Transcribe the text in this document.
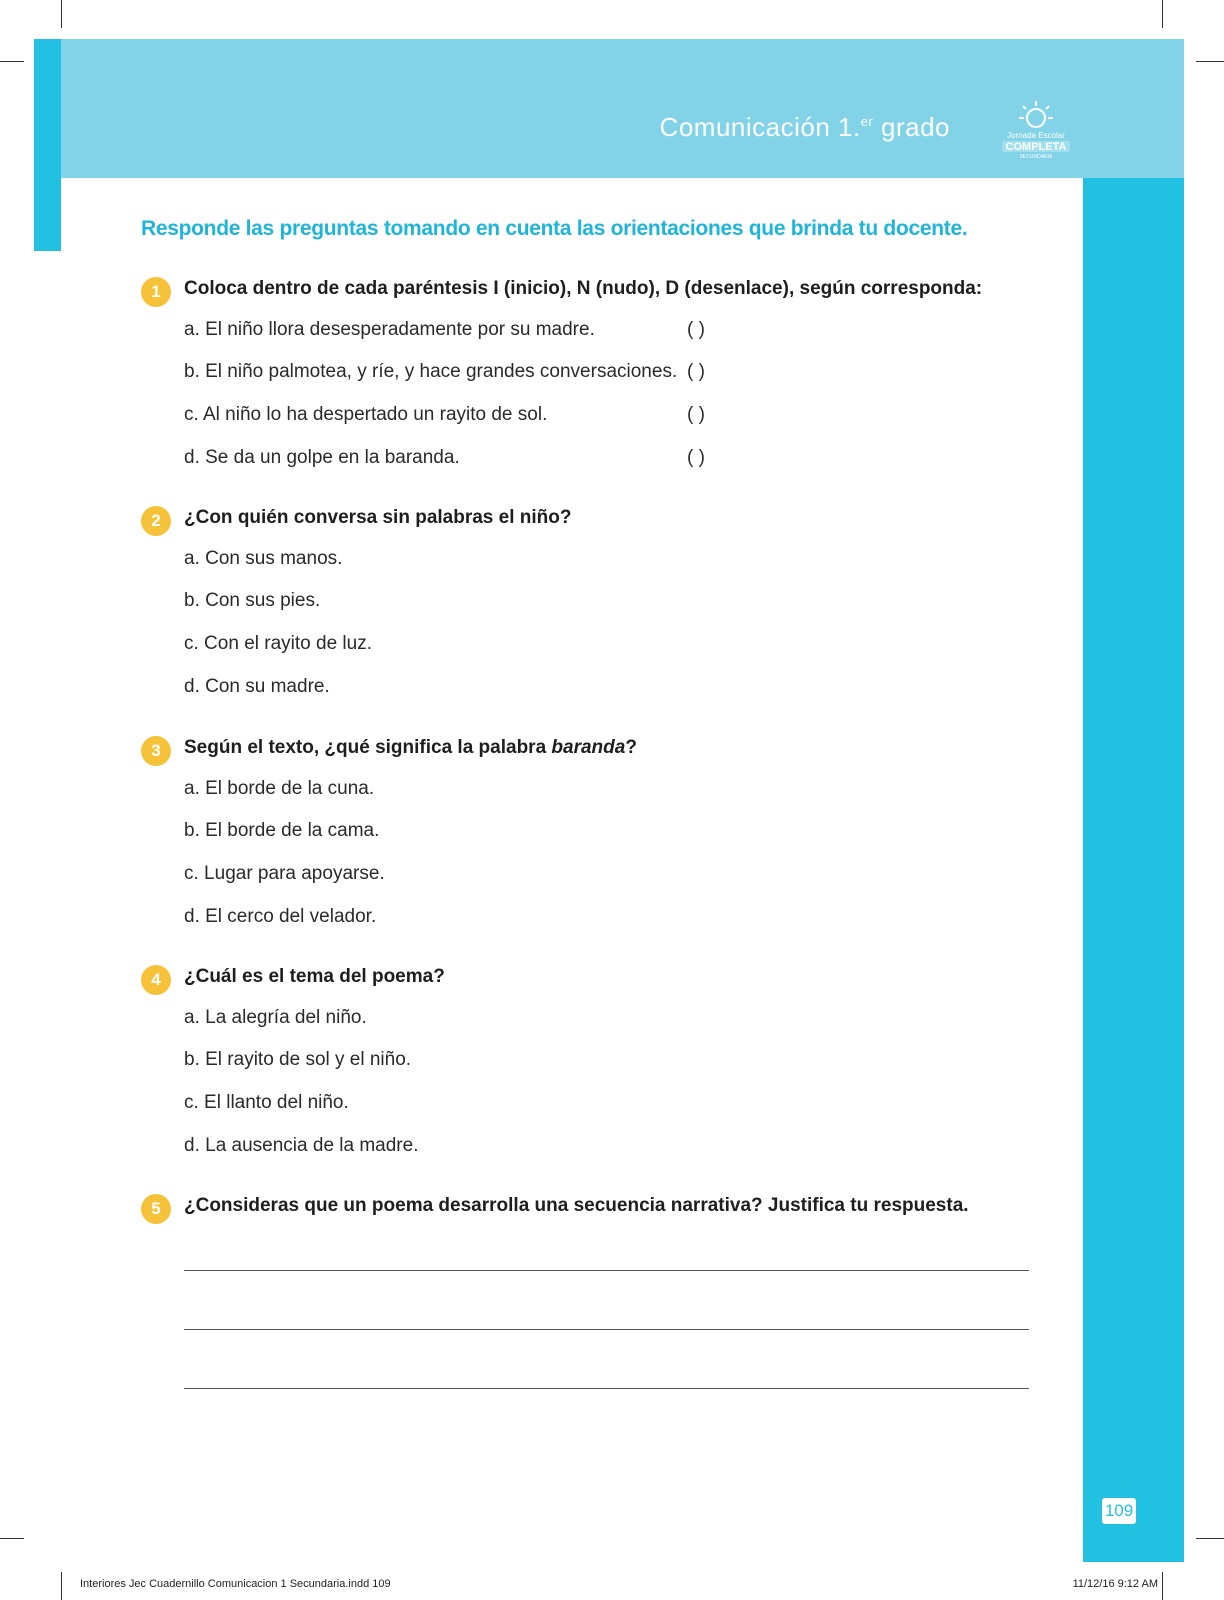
Comunicación 1.$^{er}$ grado	Jornada Escolar
COMPLETA
SECUNDARIA
Responde las preguntas tomando en cuenta las orientaciones que brinda tu docente.
1	Coloca dentro de cada paréntesis I (inicio), N (nudo), D (desenlace), según corresponda:
a. El niño llora desesperadamente por su madre.	( )
b. El niño palmotea, y ríe, y hace grandes conversaciones. ( )
c. Al niño lo ha despertado un rayito de sol.	( )
d. Se da un golpe en la baranda.	( )
2	¿Con quién conversa sin palabras el niño?
a. Con sus manos.
b. Con sus pies.
c. Con el rayito de luz.
d. Con su madre.
3	Según el texto, ¿qué significa la palabra baranda?
a. El borde de la cuna.
b. El borde de la cama.
c. Lugar para apoyarse.
d. El cerco del velador.
4	¿Cuál es el tema del poema?
a. La alegría del niño.
b. El rayito de sol y el niño.
c. El llanto del niño.
d. La ausencia de la madre.
5	¿Consideras que un poema desarrolla una secuencia narrativa? Justifica tu respuesta.
109
Interiores Jec Cuadernillo Comunicacion 1 Secundaria.indd 109	11/12/16 9:12 AM
